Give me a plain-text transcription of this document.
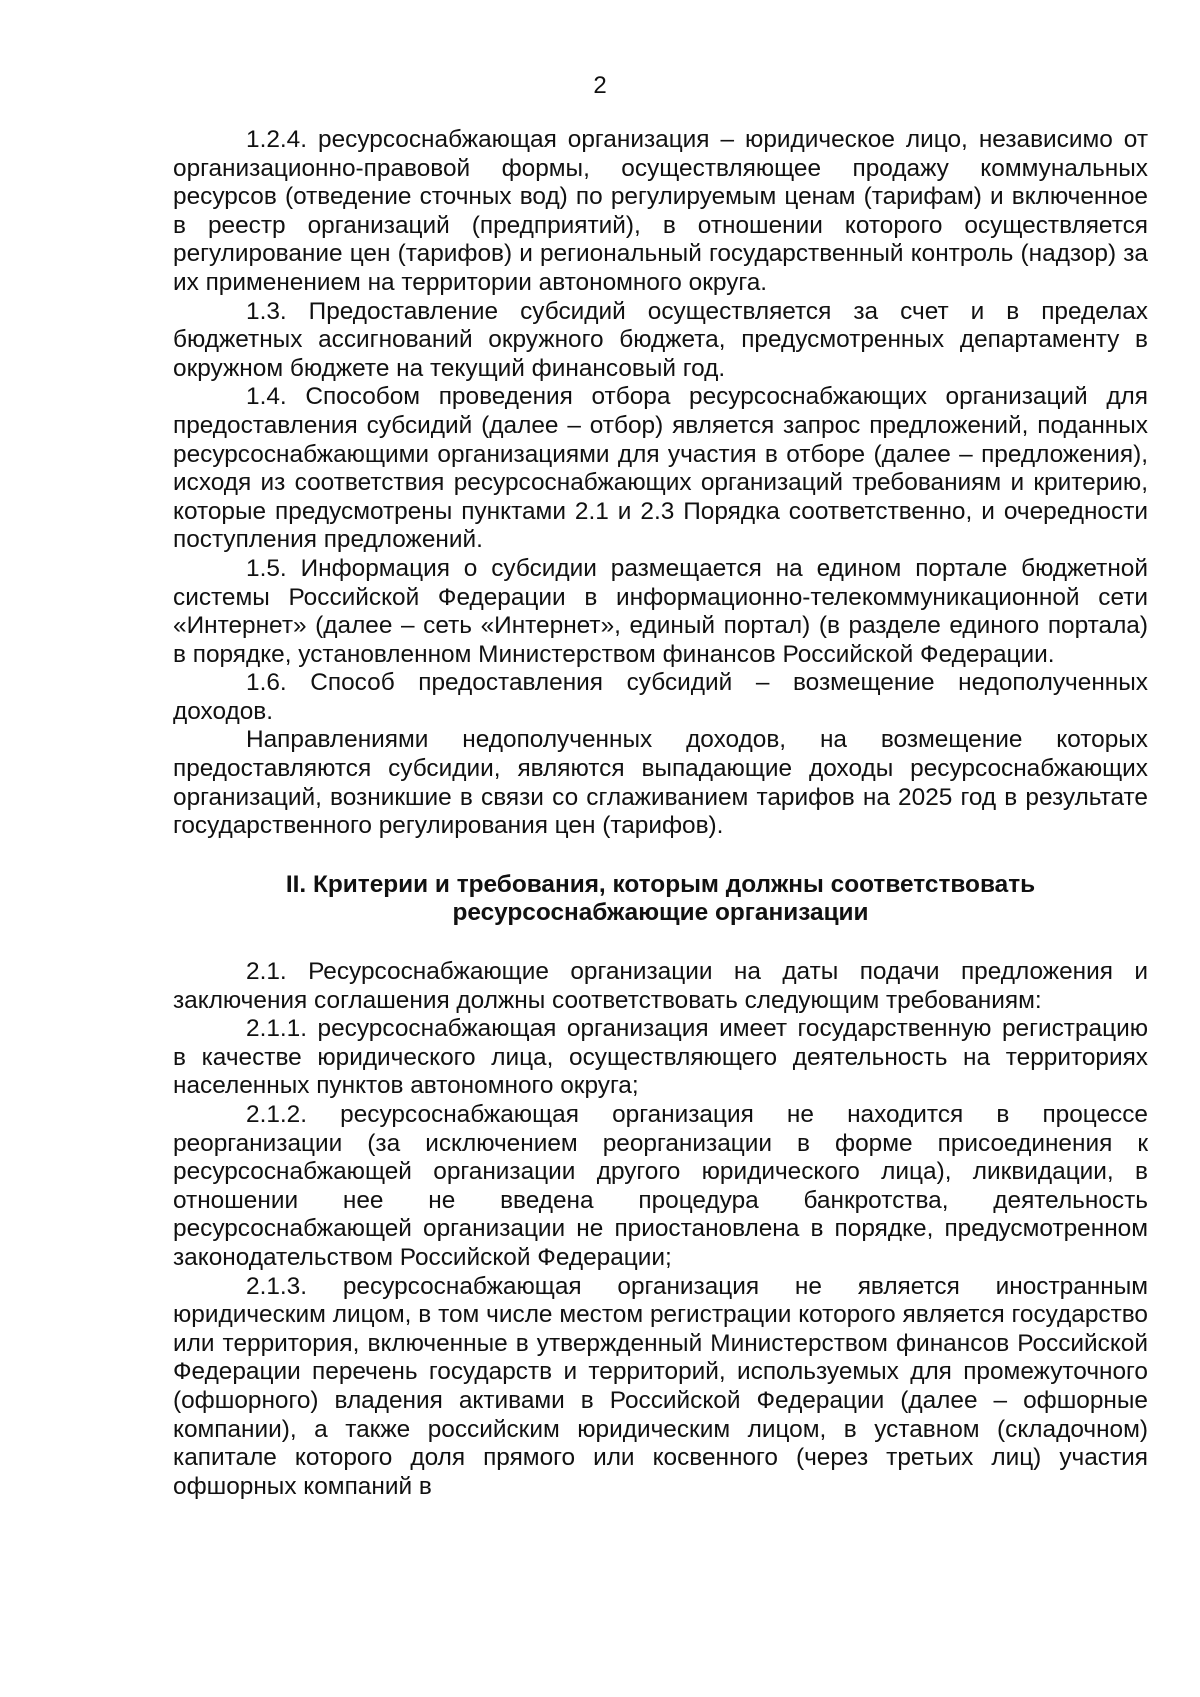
2

1.2.4. ресурсоснабжающая организация – юридическое лицо, независимо от организационно-правовой формы, осуществляющее продажу коммунальных ресурсов (отведение сточных вод) по регулируемым ценам (тарифам) и включенное в реестр организаций (предприятий), в отношении которого осуществляется регулирование цен (тарифов) и региональный государственный контроль (надзор) за их применением на территории автономного округа.

1.3. Предоставление субсидий осуществляется за счет и в пределах бюджетных ассигнований окружного бюджета, предусмотренных департаменту в окружном бюджете на текущий финансовый год.

1.4. Способом проведения отбора ресурсоснабжающих организаций для предоставления субсидий (далее – отбор) является запрос предложений, поданных ресурсоснабжающими организациями для участия в отборе (далее – предложения), исходя из соответствия ресурсоснабжающих организаций требованиям и критерию, которые предусмотрены пунктами 2.1 и 2.3 Порядка соответственно, и очередности поступления предложений.

1.5. Информация о субсидии размещается на едином портале бюджетной системы Российской Федерации в информационно-телекоммуникационной сети «Интернет» (далее – сеть «Интернет», единый портал) (в разделе единого портала) в порядке, установленном Министерством финансов Российской Федерации.

1.6. Способ предоставления субсидий – возмещение недополученных доходов.

Направлениями недополученных доходов, на возмещение которых предоставляются субсидии, являются выпадающие доходы ресурсоснабжающих организаций, возникшие в связи со сглаживанием тарифов на 2025 год в результате государственного регулирования цен (тарифов).

II. Критерии и требования, которым должны соответствовать
ресурсоснабжающие организации

2.1. Ресурсоснабжающие организации на даты подачи предложения и заключения соглашения должны соответствовать следующим требованиям:

2.1.1. ресурсоснабжающая организация имеет государственную регистрацию в качестве юридического лица, осуществляющего деятельность на территориях населенных пунктов автономного округа;

2.1.2. ресурсоснабжающая организация не находится в процессе реорганизации (за исключением реорганизации в форме присоединения к ресурсоснабжающей организации другого юридического лица), ликвидации, в отношении нее не введена процедура банкротства, деятельность ресурсоснабжающей организации не приостановлена в порядке, предусмотренном законодательством Российской Федерации;

2.1.3. ресурсоснабжающая организация не является иностранным юридическим лицом, в том числе местом регистрации которого является государство или территория, включенные в утвержденный Министерством финансов Российской Федерации перечень государств и территорий, используемых для промежуточного (офшорного) владения активами в Российской Федерации (далее – офшорные компании), а также российским юридическим лицом, в уставном (складочном) капитале которого доля прямого или косвенного (через третьих лиц) участия офшорных компаний в
